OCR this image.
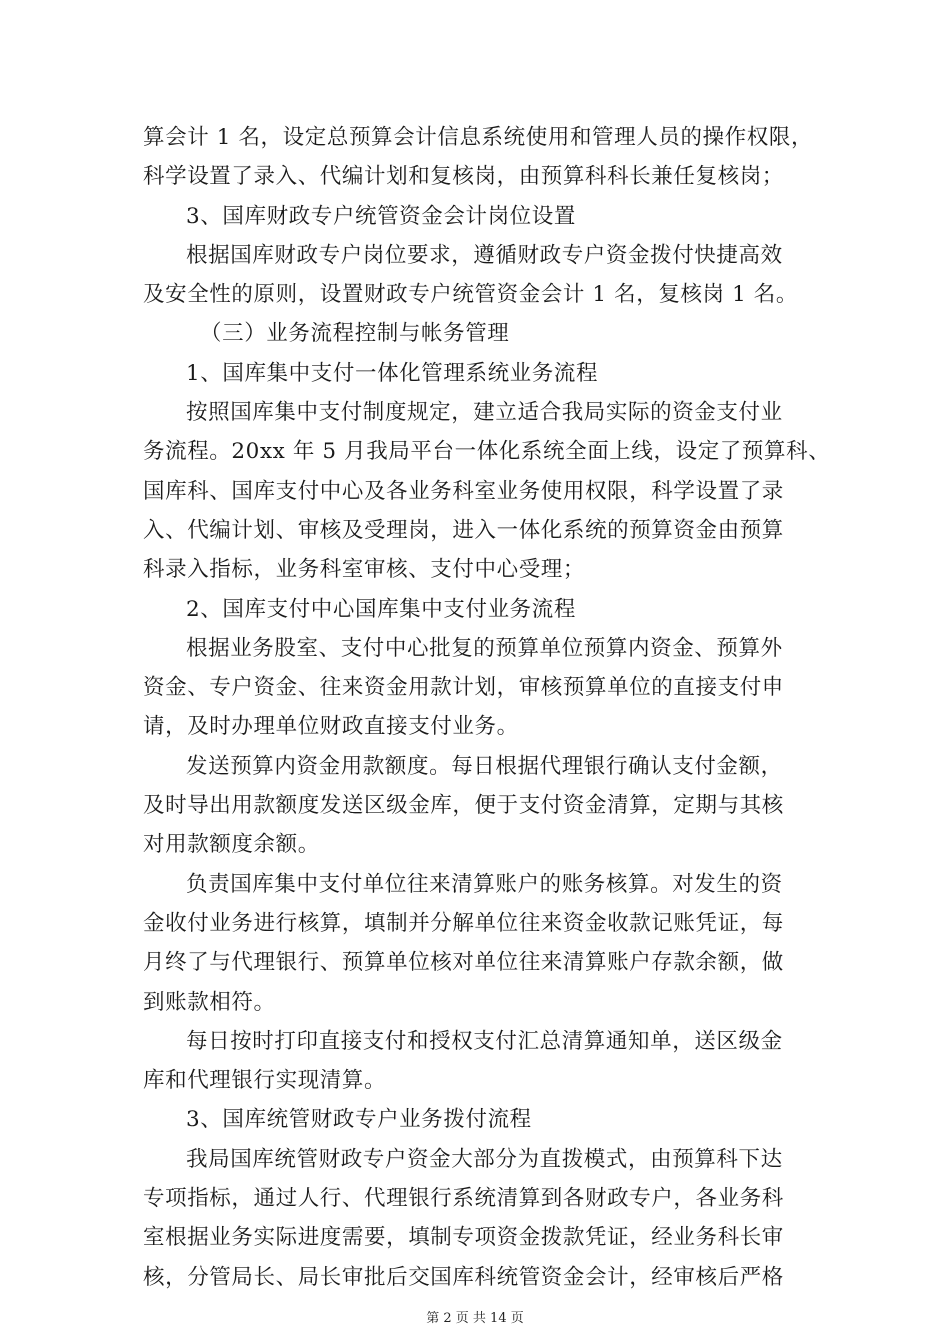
算会计 1 名，设定总预算会计信息系统使用和管理人员的操作权限，
科学设置了录入、代编计划和复核岗，由预算科科长兼任复核岗；
3、国库财政专户统管资金会计岗位设置
根据国库财政专户岗位要求，遵循财政专户资金拨付快捷高效
及安全性的原则，设置财政专户统管资金会计 1 名，复核岗 1 名。
（三）业务流程控制与帐务管理
1、国库集中支付一体化管理系统业务流程
按照国库集中支付制度规定，建立适合我局实际的资金支付业
务流程。20xx 年 5 月我局平台一体化系统全面上线，设定了预算科、
国库科、国库支付中心及各业务科室业务使用权限，科学设置了录
入、代编计划、审核及受理岗，进入一体化系统的预算资金由预算
科录入指标，业务科室审核、支付中心受理；
2、国库支付中心国库集中支付业务流程
根据业务股室、支付中心批复的预算单位预算内资金、预算外
资金、专户资金、往来资金用款计划，审核预算单位的直接支付申
请，及时办理单位财政直接支付业务。
发送预算内资金用款额度。每日根据代理银行确认支付金额，
及时导出用款额度发送区级金库，便于支付资金清算，定期与其核
对用款额度余额。
负责国库集中支付单位往来清算账户的账务核算。对发生的资
金收付业务进行核算，填制并分解单位往来资金收款记账凭证，每
月终了与代理银行、预算单位核对单位往来清算账户存款余额，做
到账款相符。
每日按时打印直接支付和授权支付汇总清算通知单，送区级金
库和代理银行实现清算。
3、国库统管财政专户业务拨付流程
我局国库统管财政专户资金大部分为直拨模式，由预算科下达
专项指标，通过人行、代理银行系统清算到各财政专户，各业务科
室根据业务实际进度需要，填制专项资金拨款凭证，经业务科长审
核，分管局长、局长审批后交国库科统管资金会计，经审核后严格
第 2 页 共 14 页
